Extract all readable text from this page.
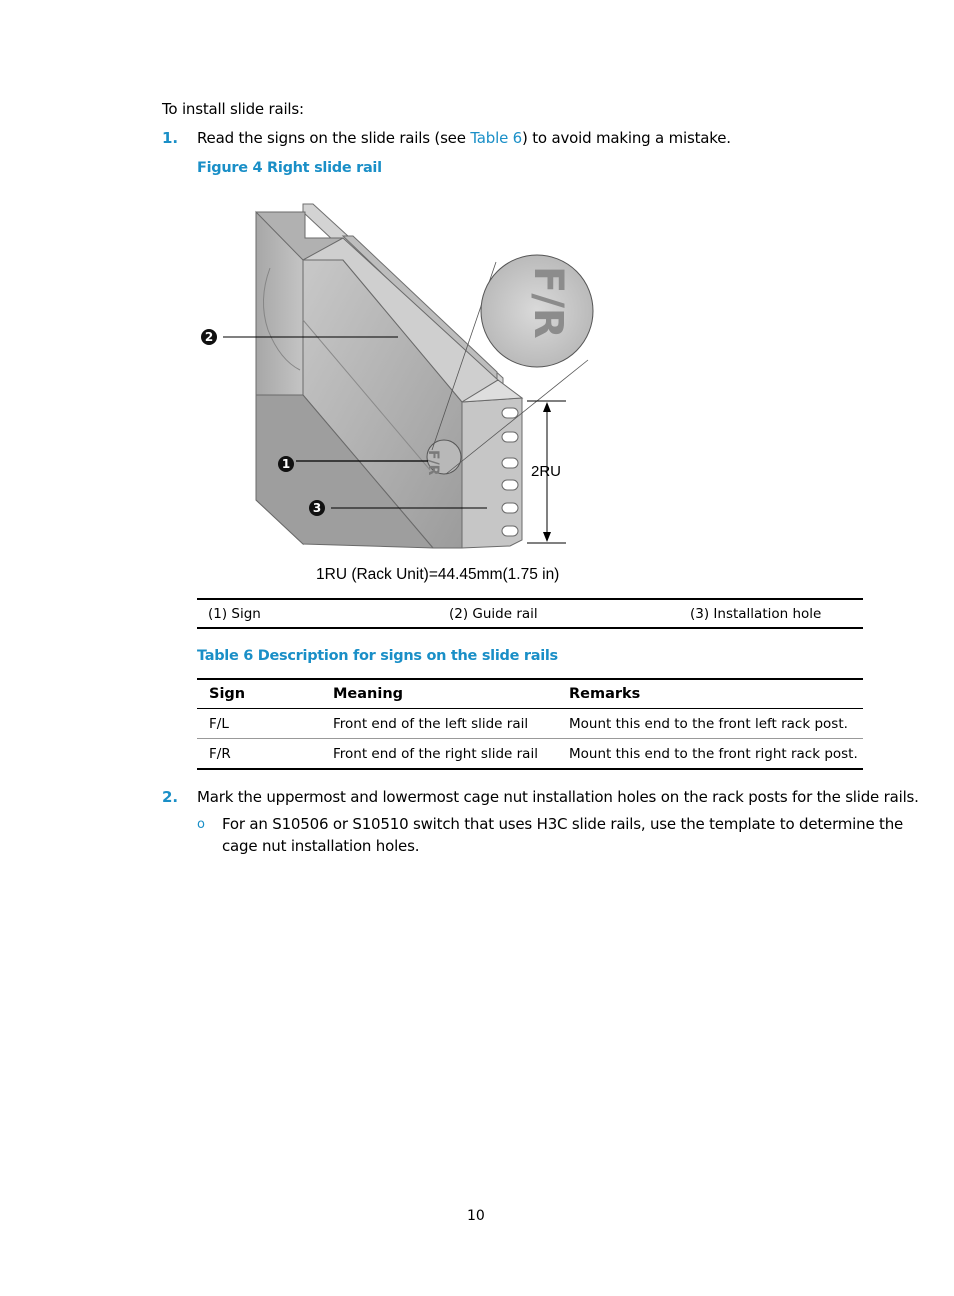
To install slide rails:
1. Read the signs on the slide rails (see Table 6) to avoid making a mistake.
Figure 4 Right slide rail
F/R
F/R
2
1
3
2RU
1RU (Rack Unit)=44.45mm(1.75 in)
(1) Sign	(2) Guide rail	(3) Installation hole
Table 6 Description for signs on the slide rails
Sign	Meaning	Remarks
F/L	Front end of the left slide rail	Mount this end to the front left rack post.
F/R	Front end of the right slide rail	Mount this end to the front right rack post.
2. Mark the uppermost and lowermost cage nut installation holes on the rack posts for the slide rails.
o For an S10506 or S10510 switch that uses H3C slide rails, use the template to determine the
cage nut installation holes.
10
